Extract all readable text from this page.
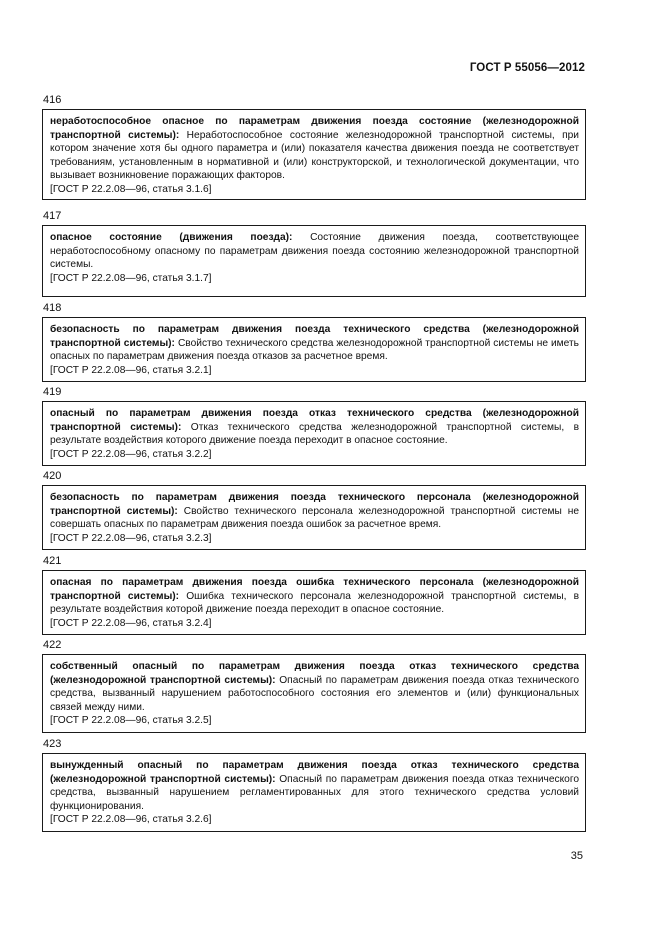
ГОСТ Р 55056—2012
416
неработоспособное опасное по параметрам движения поезда состояние (железнодорожной транспортной системы): Неработоспособное состояние железнодорожной транспортной системы, при котором значение хотя бы одного параметра и (или) показателя качества движения поезда не соответствует требованиям, установленным в нормативной и (или) конструкторской, и технологической документации, что вызывает возникновение поражающих факторов.
[ГОСТ Р 22.2.08—96, статья 3.1.6]
417
опасное состояние (движения поезда): Состояние движения поезда, соответствующее неработоспособному опасному по параметрам движения поезда состоянию железнодорожной транспортной системы.
[ГОСТ Р 22.2.08—96, статья 3.1.7]
418
безопасность по параметрам движения поезда технического средства (железнодорожной транспортной системы): Свойство технического средства железнодорожной транспортной системы не иметь опасных по параметрам движения поезда отказов за расчетное время.
[ГОСТ Р 22.2.08—96, статья 3.2.1]
419
опасный по параметрам движения поезда отказ технического средства (железнодорожной транспортной системы): Отказ технического средства железнодорожной транспортной системы, в результате воздействия которого движение поезда переходит в опасное состояние.
[ГОСТ Р 22.2.08—96, статья 3.2.2]
420
безопасность по параметрам движения поезда технического персонала (железнодорожной транспортной системы): Свойство технического персонала железнодорожной транспортной системы не совершать опасных по параметрам движения поезда ошибок за расчетное время.
[ГОСТ Р 22.2.08—96, статья 3.2.3]
421
опасная по параметрам движения поезда ошибка технического персонала (железнодорожной транспортной системы): Ошибка технического персонала железнодорожной транспортной системы, в результате воздействия которой движение поезда переходит в опасное состояние.
[ГОСТ Р 22.2.08—96, статья 3.2.4]
422
собственный опасный по параметрам движения поезда отказ технического средства (железнодорожной транспортной системы): Опасный по параметрам движения поезда отказ технического средства, вызванный нарушением работоспособного состояния его элементов и (или) функциональных связей между ними.
[ГОСТ Р 22.2.08—96, статья 3.2.5]
423
вынужденный опасный по параметрам движения поезда отказ технического средства (железнодорожной транспортной системы): Опасный по параметрам движения поезда отказ технического средства, вызванный нарушением регламентированных для этого технического средства условий функционирования.
[ГОСТ Р 22.2.08—96, статья 3.2.6]
35
